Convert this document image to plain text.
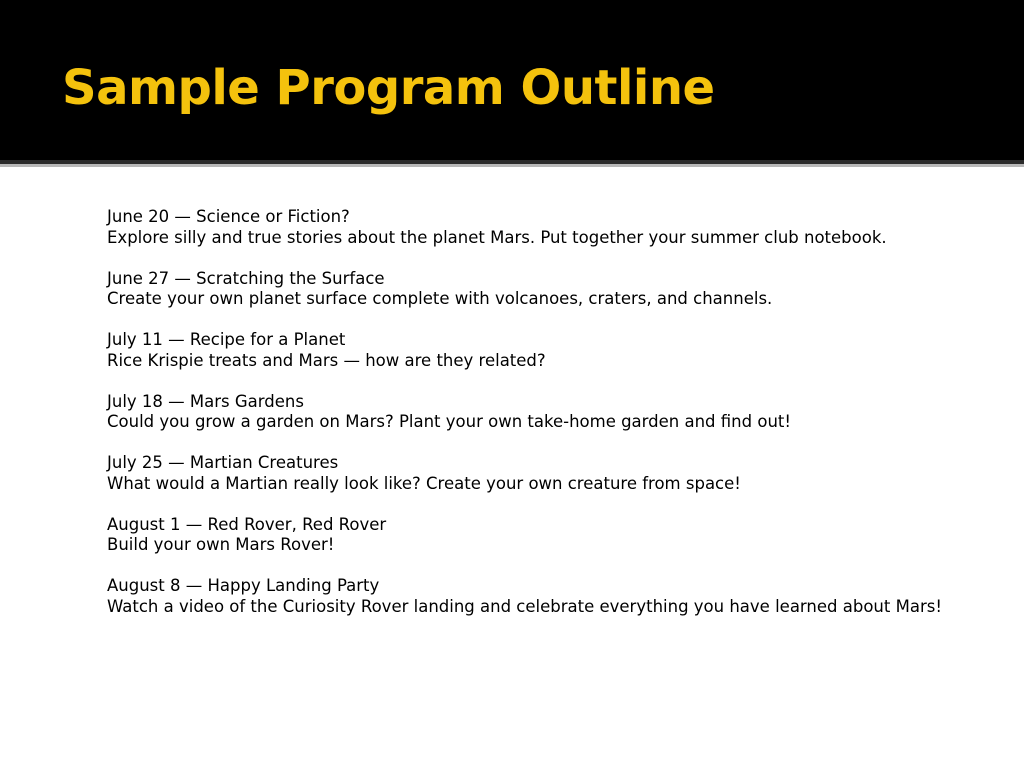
Sample Program Outline
June 20 — Science or Fiction?
Explore silly and true stories about the planet Mars. Put together your summer club notebook.
June 27 — Scratching the Surface
Create your own planet surface complete with volcanoes, craters, and channels.
July 11 — Recipe for a Planet
Rice Krispie treats and Mars — how are they related?
July 18 — Mars Gardens
Could you grow a garden on Mars? Plant your own take-home garden and find out!
July 25 — Martian Creatures
What would a Martian really look like? Create your own creature from space!
August 1 — Red Rover, Red Rover
Build your own Mars Rover!
August 8 — Happy Landing Party
Watch a video of the Curiosity Rover landing and celebrate everything you have learned about Mars!
